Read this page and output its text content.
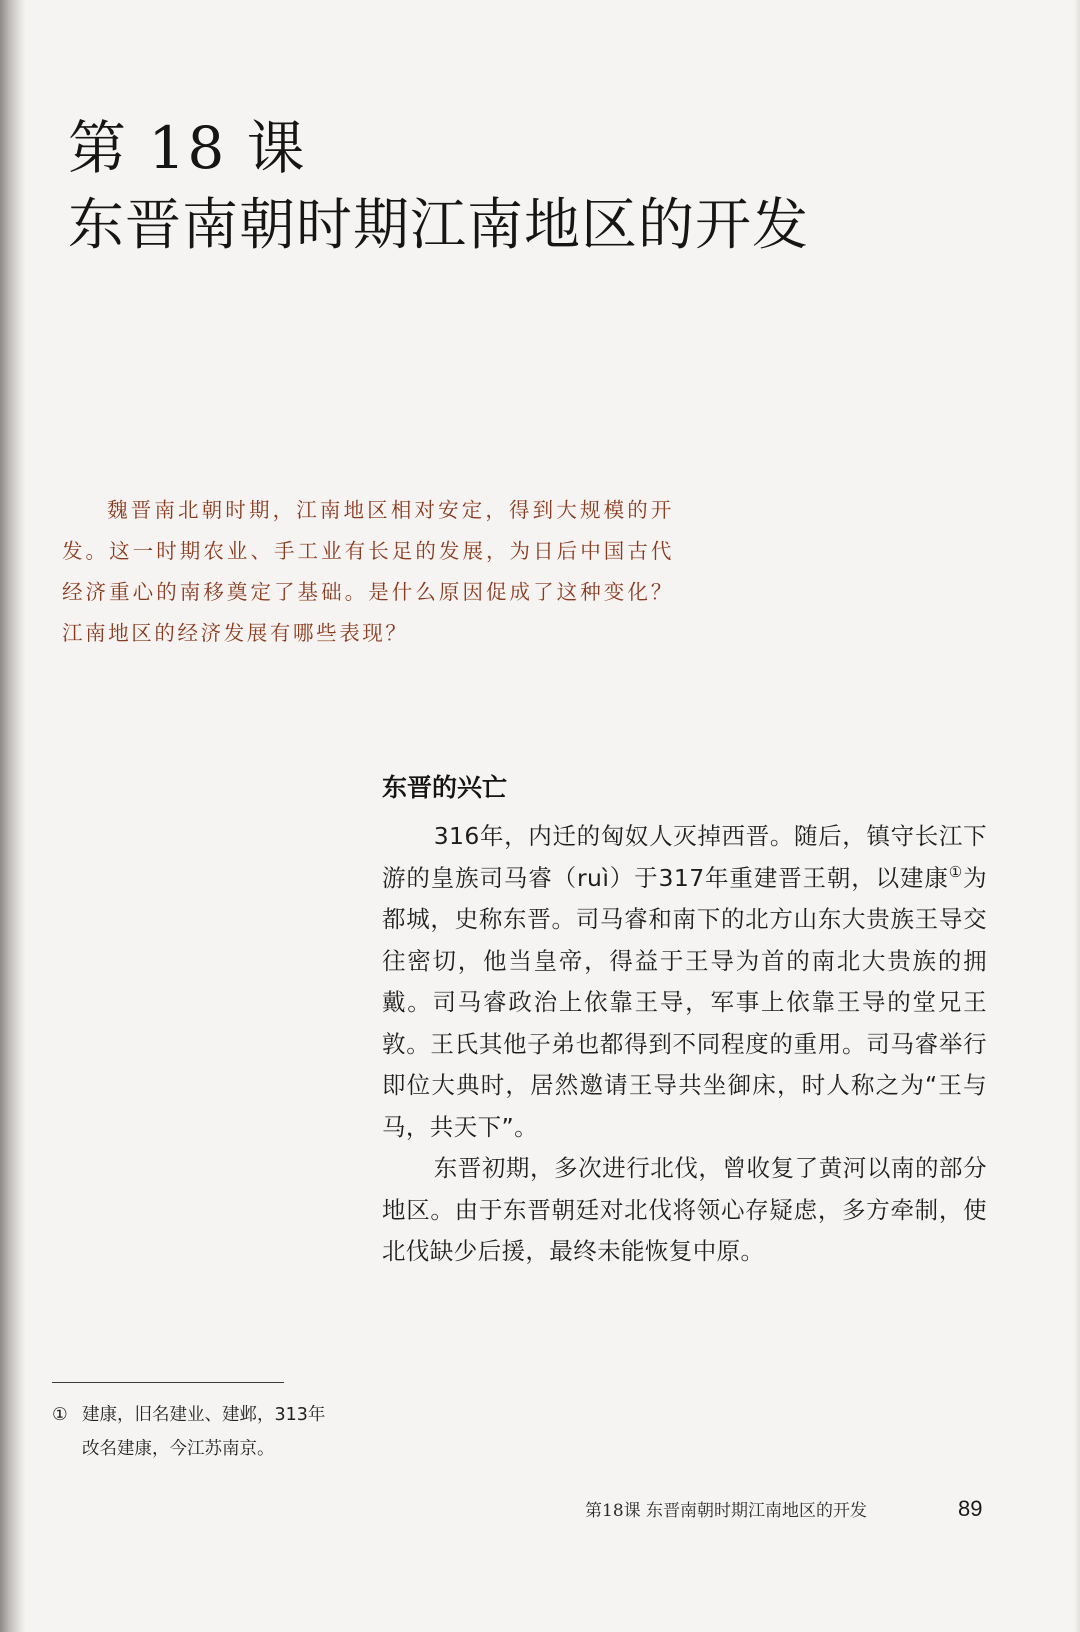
第 18 课
东晋南朝时期江南地区的开发

魏晋南北朝时期，江南地区相对安定，得到大规模的开发。这一时期农业、手工业有长足的发展，为日后中国古代经济重心的南移奠定了基础。是什么原因促成了这种变化？江南地区的经济发展有哪些表现？

东晋的兴亡

316年，内迁的匈奴人灭掉西晋。随后，镇守长江下游的皇族司马睿（ruì）于317年重建晋王朝，以建康①为都城，史称东晋。司马睿和南下的北方山东大贵族王导交往密切，他当皇帝，得益于王导为首的南北大贵族的拥戴。司马睿政治上依靠王导，军事上依靠王导的堂兄王敦。王氏其他子弟也都得到不同程度的重用。司马睿举行即位大典时，居然邀请王导共坐御床，时人称之为“王与马，共天下”。

东晋初期，多次进行北伐，曾收复了黄河以南的部分地区。由于东晋朝廷对北伐将领心存疑虑，多方牵制，使北伐缺少后援，最终未能恢复中原。

① 建康，旧名建业、建邺，313年
改名建康，今江苏南京。
第18课 东晋南朝时期江南地区的开发	89
